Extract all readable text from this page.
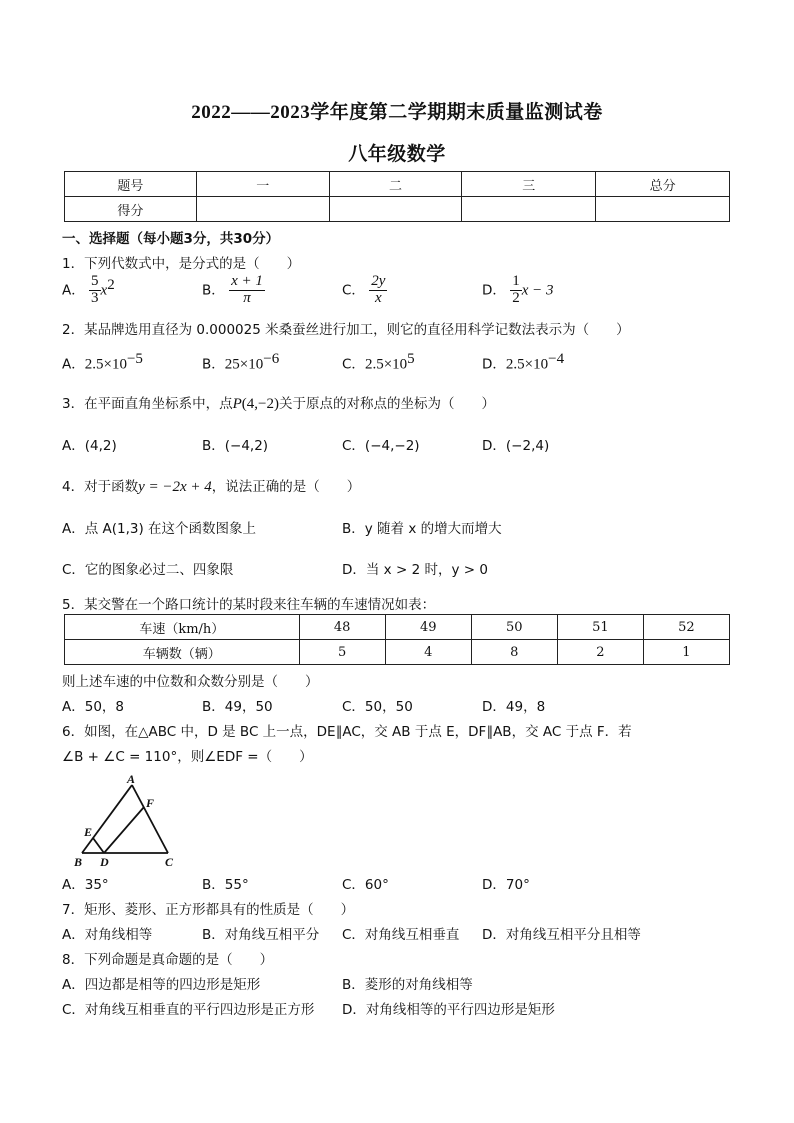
2022——2023学年度第二学期期末质量监测试卷
八年级数学
题号	一	二	三	总分
得分				
一、选择题（每小题3分，共30分）
1．下列代数式中，是分式的是（　　）
A． $\frac{5}{3} x^2$	B． $\frac{x + 1}{\pi}$	C． $\frac{2y}{x}$	D． $\frac{1}{2}$ x − 3
2．某品牌选用直径为 0.000025 米桑蚕丝进行加工，则它的直径用科学记数法表示为（　　）
A．$2.5\times 10^{-5}$	B．$25\times 10^{-6}$	C．$2.5\times 10^5$	D．$2.5\times 10^{-4}$
3．在平面直角坐标系中，点P(4,−2)关于原点的对称点的坐标为（　　）
A．(4,2)	B．(−4,2)	C．(−4,−2)	D．(−2,4)
4．对于函数y = −2x + 4，说法正确的是（　　）
A．点 A(1,3) 在这个函数图象上	B．y 随着 x 的增大而增大
C．它的图象必过二、四象限	D．当 x > 2 时，y > 0
5．某交警在一个路口统计的某时段来往车辆的车速情况如表：
车速（km/h）	48	49	50	51	52
车辆数（辆）	5	4	8	2	1
则上述车速的中位数和众数分别是（　　）
A．50，8	B．49，50	C．50，50	D．49，8
6．如图，在△ABC 中，D 是 BC 上一点，DE∥AC，交 AB 于点 E，DF∥AB，交 AC 于点 F．若
∠B + ∠C = 110°，则∠EDF =（　　）
A
B	C
D
E
F
A．35°	B．55°	C．60°	D．70°
7．矩形、菱形、正方形都具有的性质是（　　）
A．对角线相等	B．对角线互相平分 C．对角线互相垂直 D．对角线互相平分且相等
8．下列命题是真命题的是（　　）
A．四边都是相等的四边形是矩形	B．菱形的对角线相等
C．对角线互相垂直的平行四边形是正方形 D．对角线相等的平行四边形是矩形
